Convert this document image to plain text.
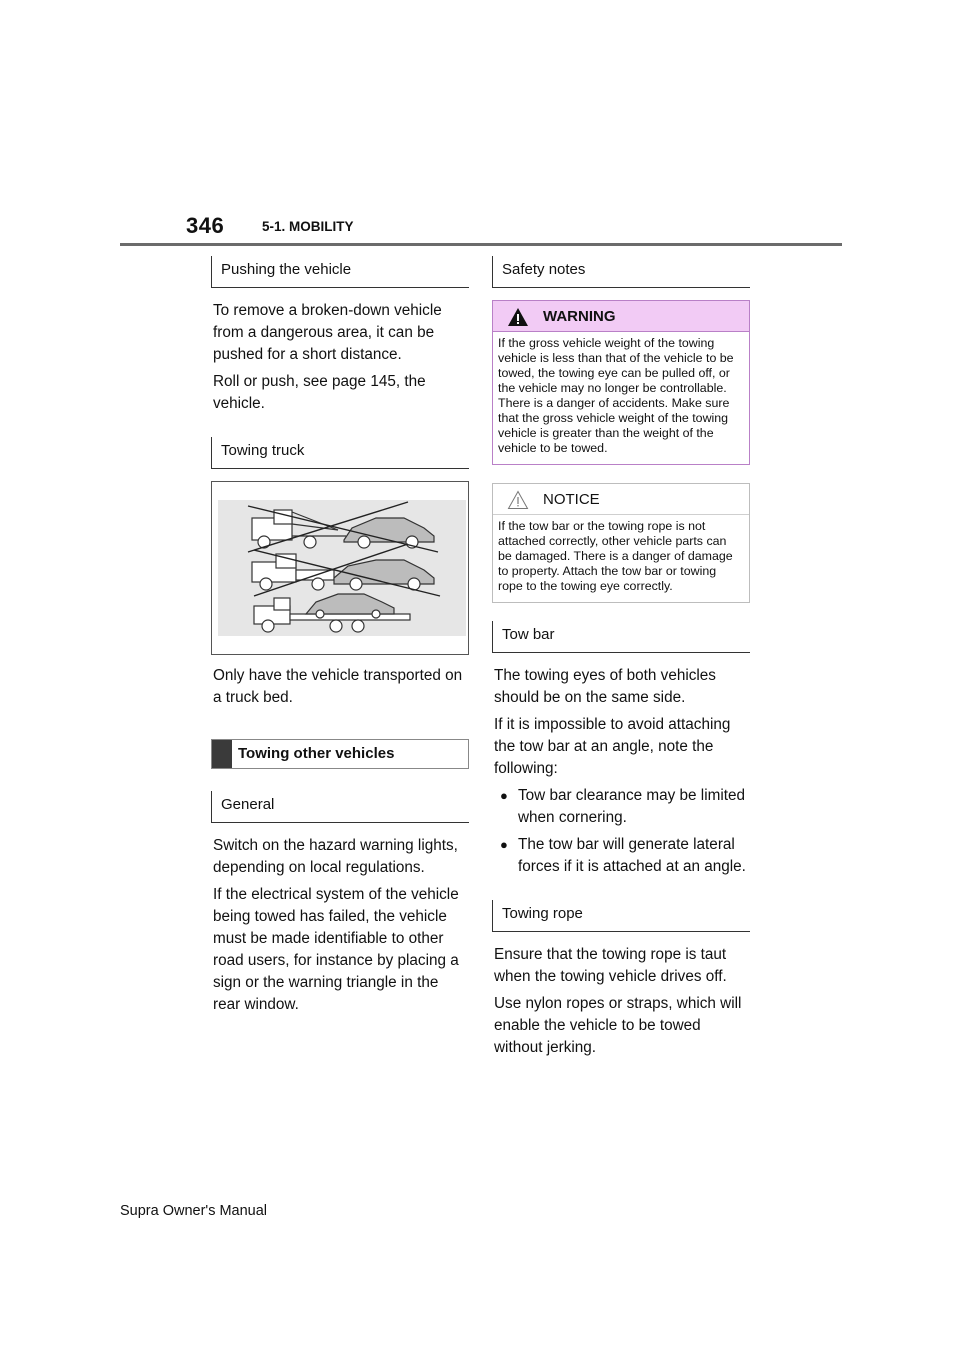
346	5-1. MOBILITY
Pushing the vehicle

To remove a broken-down vehicle from a dangerous area, it can be pushed for a short distance.

Roll or push, see page 145, the vehicle.

Towing truck

Only have the vehicle transported on a truck bed.

Towing other vehicles
General

Switch on the hazard warning lights, depending on local regulations.

If the electrical system of the vehicle being towed has failed, the vehicle must be made identifiable to other road users, for instance by placing a sign or the warning triangle in the rear window.

Safety notes
WARNING
If the gross vehicle weight of the towing vehicle is less than that of the vehicle to be towed, the towing eye can be pulled off, or the vehicle may no longer be controllable. There is a danger of accidents. Make sure that the gross vehicle weight of the towing vehicle is greater than the weight of the vehicle to be towed.
NOTICE
If the tow bar or the towing rope is not attached correctly, other vehicle parts can be damaged. There is a danger of damage to property. Attach the tow bar or towing rope to the towing eye correctly.
Tow bar

The towing eyes of both vehicles should be on the same side.

If it is impossible to avoid attaching the tow bar at an angle, note the following:

● Tow bar clearance may be limited when cornering.
● The tow bar will generate lateral forces if it is attached at an angle.
Towing rope

Ensure that the towing rope is taut when the towing vehicle drives off.

Use nylon ropes or straps, which will enable the vehicle to be towed without jerking.

Supra Owner's Manual
